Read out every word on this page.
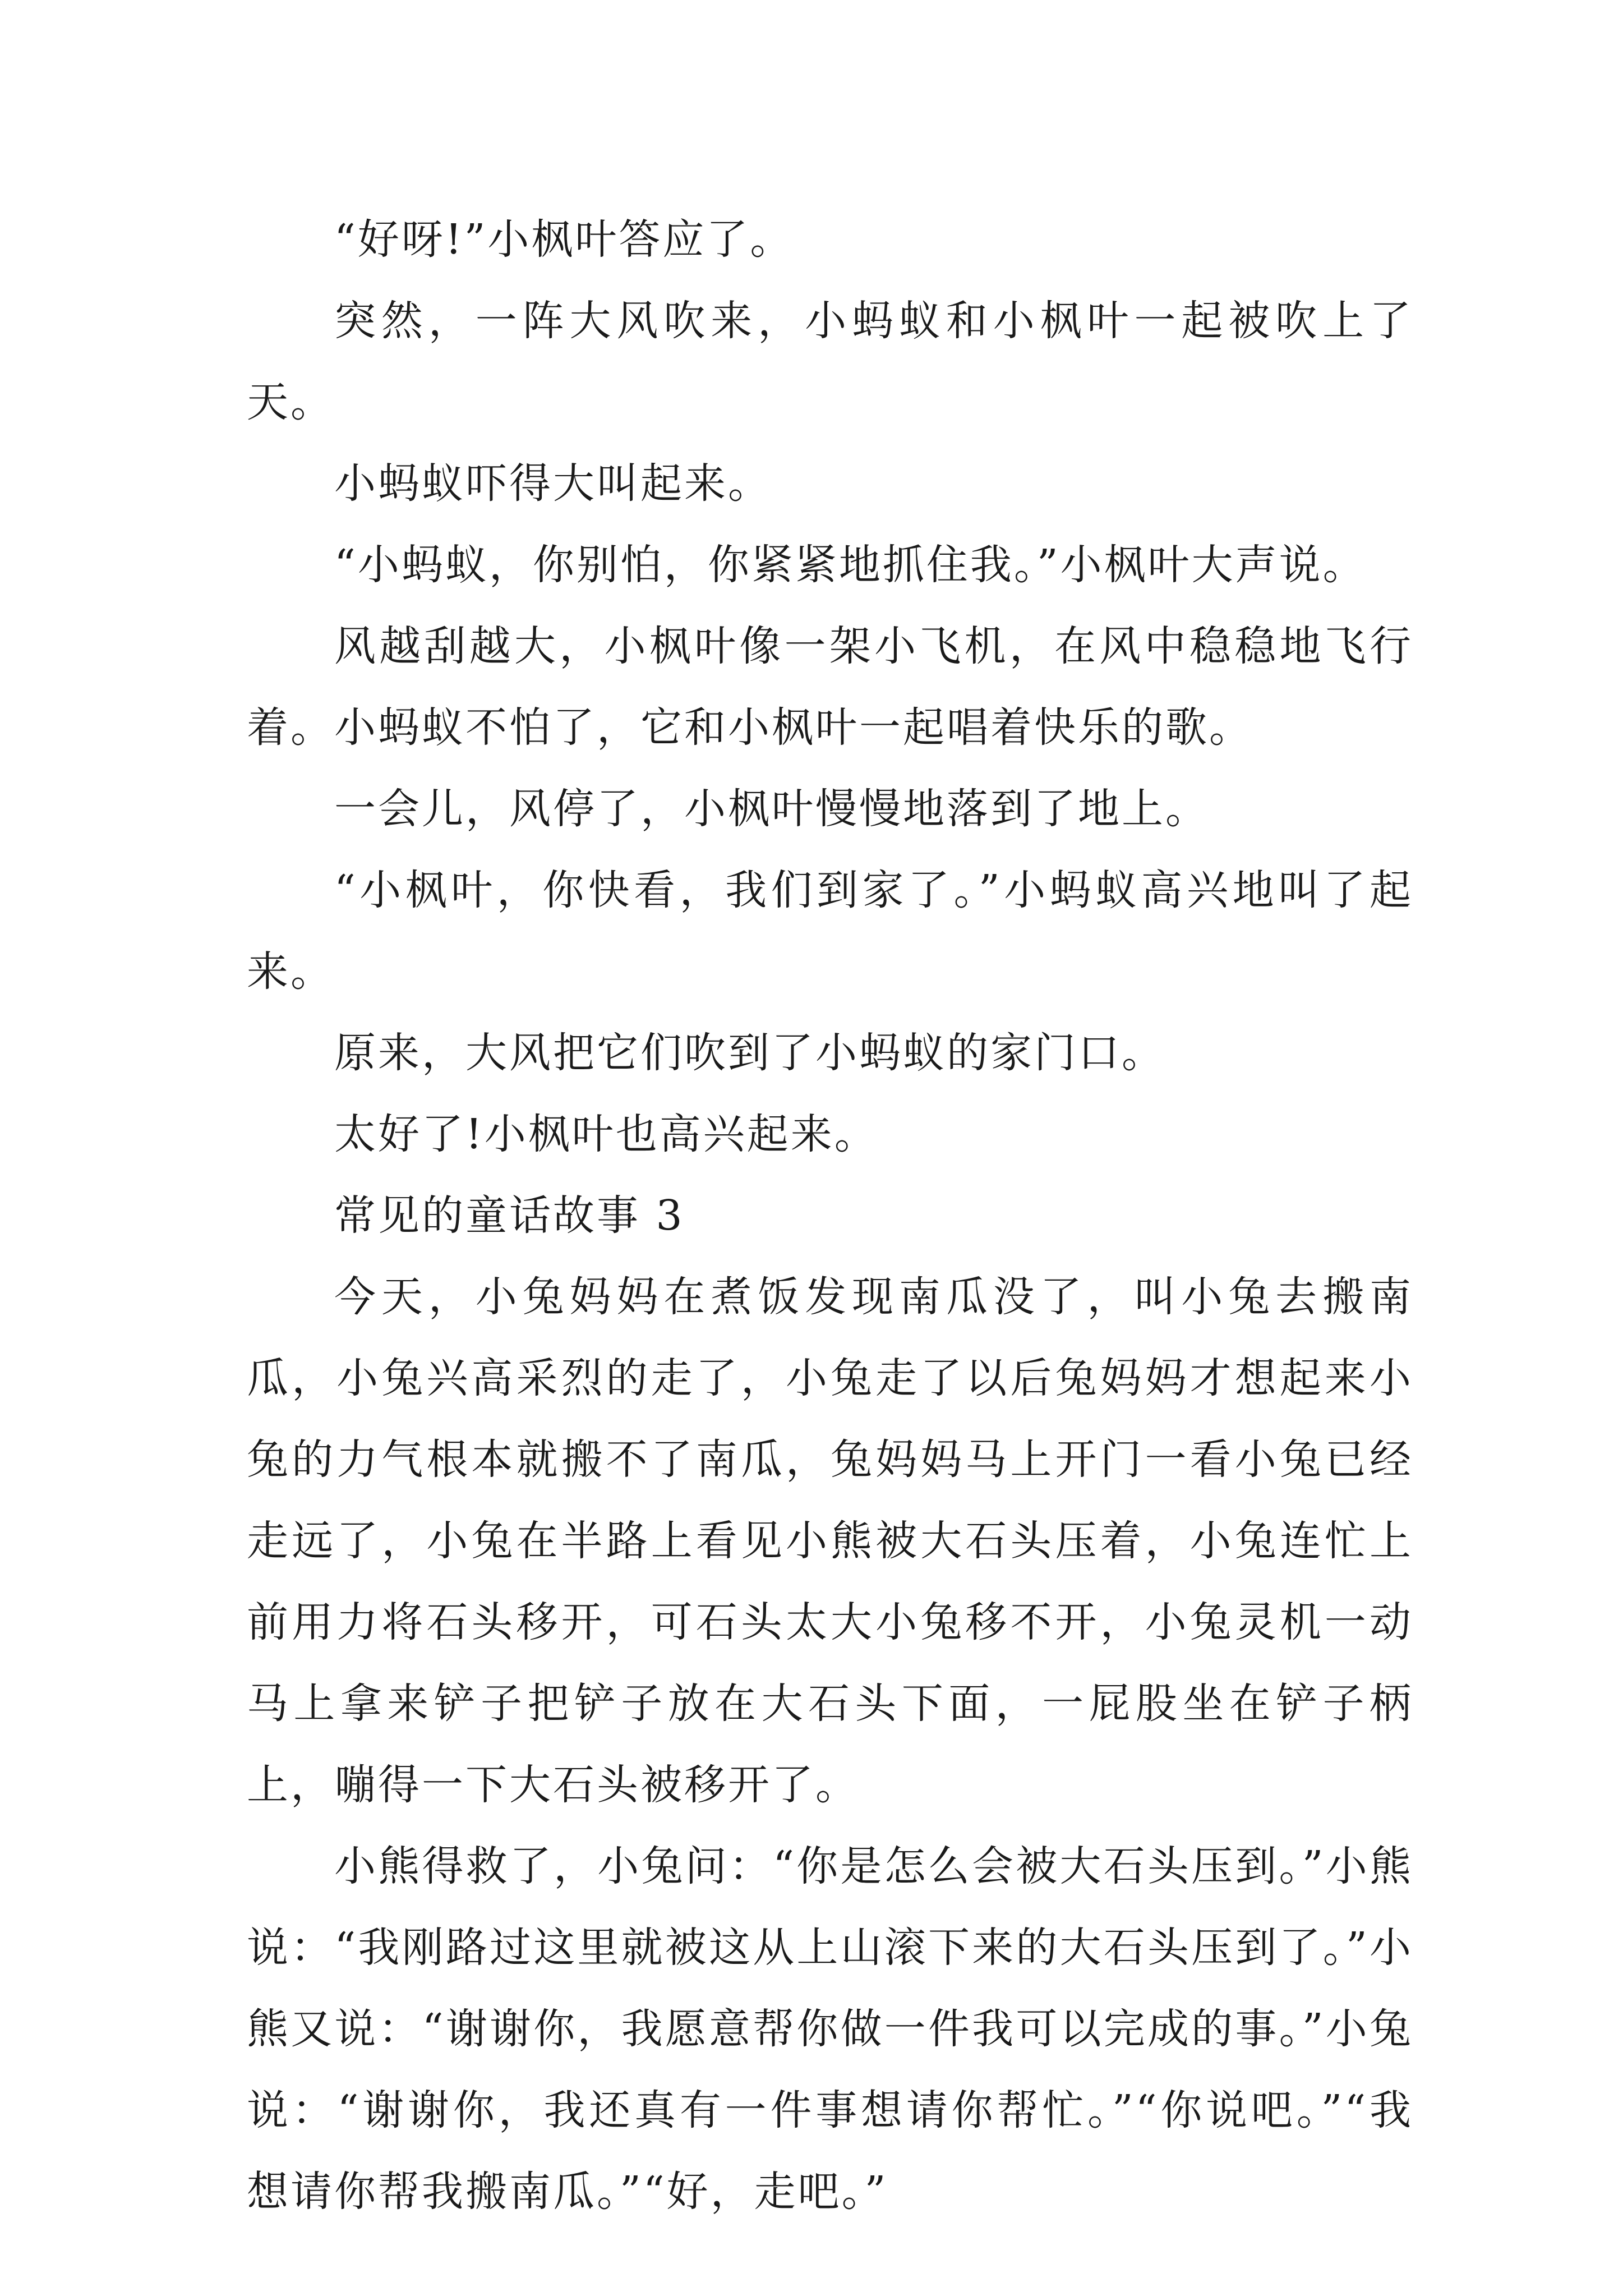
“好呀!”小枫叶答应了。

突然，一阵大风吹来，小蚂蚁和小枫叶一起被吹上了天。

小蚂蚁吓得大叫起来。

“小蚂蚁，你别怕，你紧紧地抓住我。”小枫叶大声说。

风越刮越大，小枫叶像一架小飞机，在风中稳稳地飞行着。小蚂蚁不怕了，它和小枫叶一起唱着快乐的歌。

一会儿，风停了，小枫叶慢慢地落到了地上。

“小枫叶，你快看，我们到家了。”小蚂蚁高兴地叫了起来。

原来，大风把它们吹到了小蚂蚁的家门口。

太好了!小枫叶也高兴起来。

常见的童话故事 3

今天，小兔妈妈在煮饭发现南瓜没了，叫小兔去搬南瓜，小兔兴高采烈的走了，小兔走了以后兔妈妈才想起来小兔的力气根本就搬不了南瓜，兔妈妈马上开门一看小兔已经走远了，小兔在半路上看见小熊被大石头压着，小兔连忙上前用力将石头移开，可石头太大小兔移不开，小兔灵机一动马上拿来铲子把铲子放在大石头下面，一屁股坐在铲子柄上，嘣得一下大石头被移开了。

小熊得救了，小兔问：“你是怎么会被大石头压到。”小熊说：“我刚路过这里就被这从上山滚下来的大石头压到了。”小熊又说：“谢谢你，我愿意帮你做一件我可以完成的事。”小兔说：“谢谢你，我还真有一件事想请你帮忙。”“你说吧。”“我想请你帮我搬南瓜。”“好，走吧。”
